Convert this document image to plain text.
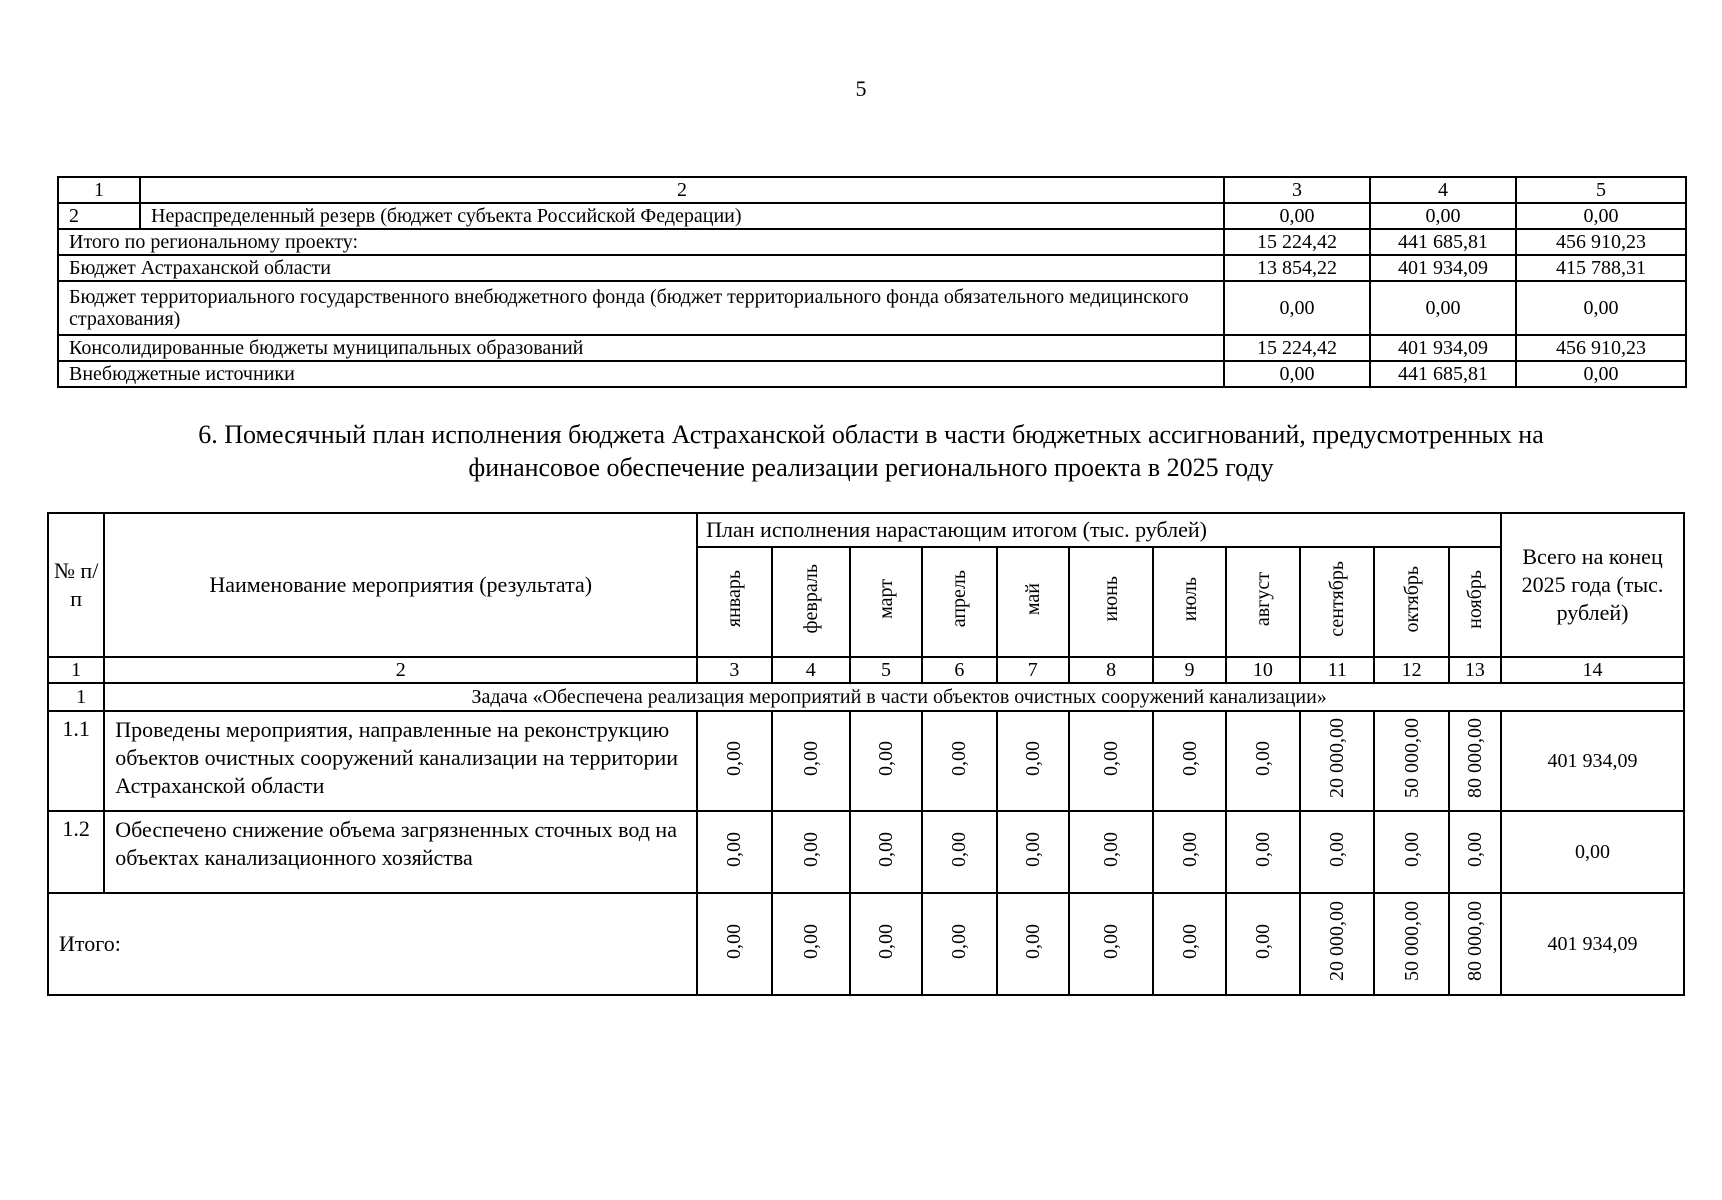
5
1	2	3	4	5
2	Нераспределенный резерв (бюджет субъекта Российской Федерации)	0,00	0,00	0,00
Итого по региональному проекту:		15 224,42	441 685,81	456 910,23
Бюджет Астраханской области		13 854,22	401 934,09	415 788,31
Бюджет территориального государственного внебюджетного фонда (бюджет территориального фонда обязательного медицинского страхования)		0,00	0,00	0,00
Консолидированные бюджеты муниципальных образований		15 224,42	401 934,09	456 910,23
Внебюджетные источники		0,00	441 685,81	0,00
6. Помесячный план исполнения бюджета Астраханской области в части бюджетных ассигнований, предусмотренных на
финансовое обеспечение реализации регионального проекта в 2025 году
№ п/п	Наименование мероприятия (результата)	План исполнения нарастающим итогом (тыс. рублей)											Всего на конец 2025 года (тыс. рублей)
		январь	февраль	март	апрель	май	июнь	июль	август	сентябрь	октябрь	ноябрь	
1	2	3	4	5	6	7	8	9	10	11	12	13	14
1	Задача «Обеспечена реализация мероприятий в части объектов очистных сооружений канализации»												
1.1	Проведены мероприятия, направленные на реконструкцию объектов очистных сооружений канализации на территории Астраханской области	0,00	0,00	0,00	0,00	0,00	0,00	0,00	0,00	20 000,00	50 000,00	80 000,00	401 934,09
1.2	Обеспечено снижение объема загрязненных сточных вод на объектах канализационного хозяйства	0,00	0,00	0,00	0,00	0,00	0,00	0,00	0,00	0,00	0,00	0,00	0,00
Итого:		0,00	0,00	0,00	0,00	0,00	0,00	0,00	0,00	20 000,00	50 000,00	80 000,00	401 934,09
